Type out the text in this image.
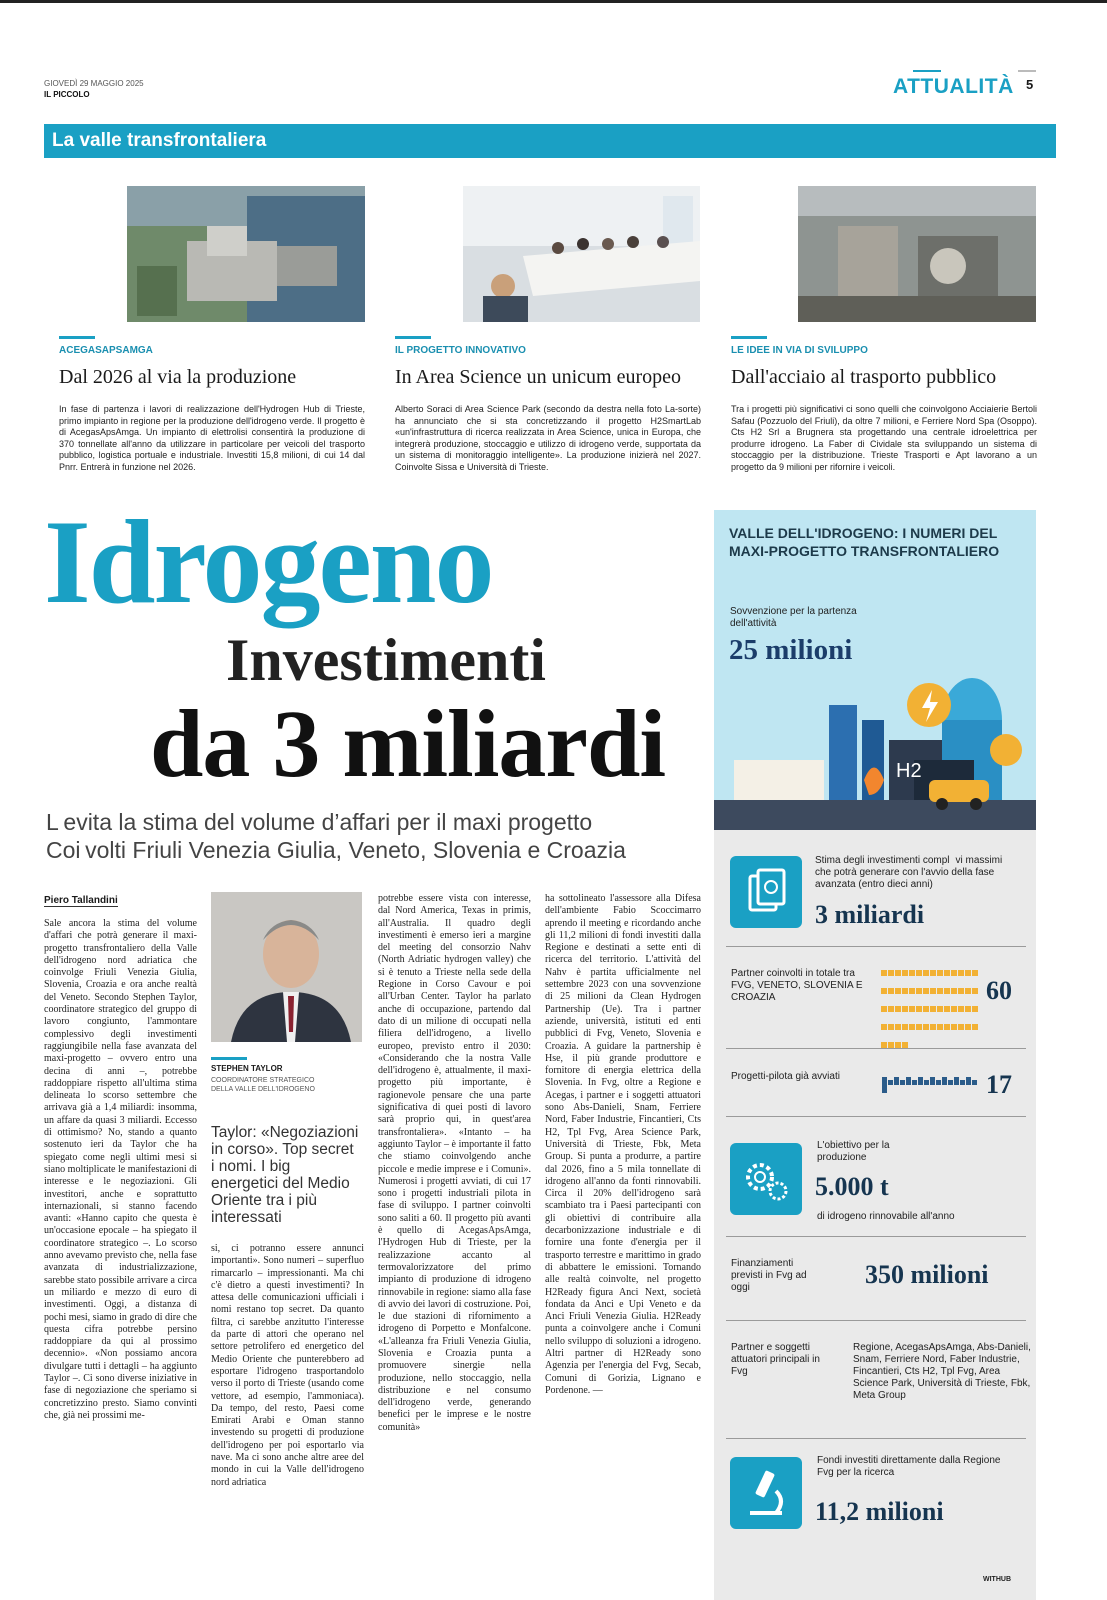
GIOVEDÌ 29 MAGGIO 2025
IL PICCOLO	ATTUALITÀ 5
La valle transfrontaliera
ACEGASAPSAMGA
Dal 2026 al via la produzione
In fase di partenza i lavori di realizzazione dell'Hydrogen Hub di Trieste, primo impianto in regione per la produzione dell'idrogeno verde. Il progetto è di AcegasApsAmga. Un impianto di elettrolisi consentirà la produzione di 370 tonnellate all'anno da utilizzare in particolare per veicoli del trasporto pubblico, logistica portuale e industriale. Investiti 15,8 milioni, di cui 14 dal Pnrr. Entrerà in funzione nel 2026.
IL PROGETTO INNOVATIVO
In Area Science un unicum europeo
Alberto Soraci di Area Science Park (secondo da destra nella foto La-sorte) ha annunciato che si sta concretizzando il progetto H2SmartLab «un'infrastruttura di ricerca realizzata in Area Science, unica in Europa, che integrerà produzione, stoccaggio e utilizzo di idrogeno verde, supportata da un sistema di monitoraggio intelligente». La produzione inizierà nel 2027. Coinvolte Sissa e Università di Trieste.
LE IDEE IN VIA DI SVILUPPO
Dall'acciaio al trasporto pubblico
Tra i progetti più significativi ci sono quelli che coinvolgono Acciaierie Bertoli Safau (Pozzuolo del Friuli), da oltre 7 milioni, e Ferriere Nord Spa (Osoppo). Cts H2 Srl a Brugnera sta progettando una centrale idroelettrica per produrre idrogeno. La Faber di Cividale sta sviluppando un sistema di stoccaggio per la distribuzione. Trieste Trasporti e Apt lavorano a un progetto da 9 milioni per rifornire i veicoli.
Idrogeno
Investimenti
da 3 miliardi
L evita la stima del volume d’affari per il maxi progetto
Coi volti Friuli Venezia Giulia, Veneto, Slovenia e Croazia
Piero Tallandini
Sale ancora la stima del volume d'affari che potrà generare il maxi-progetto transfrontaliero della Valle dell'idrogeno nord adriatica che coinvolge Friuli Venezia Giulia, Slovenia, Croazia e ora anche realtà del Veneto. Secondo Stephen Taylor, coordinatore strategico del gruppo di lavoro congiunto, l'ammontare complessivo degli investimenti raggiungibile nella fase avanzata del maxi-progetto – ovvero entro una decina di anni –, potrebbe raddoppiare rispetto all'ultima stima delineata lo scorso settembre che arrivava già a 1,4 miliardi: insomma, un affare da quasi 3 miliardi. Eccesso di ottimismo? No, stando a quanto sostenuto ieri da Taylor che ha spiegato come negli ultimi mesi si siano moltiplicate le manifestazioni di interesse e le negoziazioni. Gli investitori, anche e soprattutto internazionali, si stanno facendo avanti: «Hanno capito che questa è un'occasione epocale – ha spiegato il coordinatore strategico –. Lo scorso anno avevamo previsto che, nella fase avanzata di industrializzazione, sarebbe stato possibile arrivare a circa un miliardo e mezzo di euro di investimenti. Oggi, a distanza di pochi mesi, siamo in grado di dire che questa cifra potrebbe persino raddoppiare da qui al prossimo decennio». «Non possiamo ancora divulgare tutti i dettagli – ha aggiunto Taylor –. Ci sono diverse iniziative in fase di negoziazione che speriamo si concretizzino presto. Siamo convinti che, già nei prossimi me-
STEPHEN TAYLOR
COORDINATORE STRATEGICO DELLA VALLE DELL'IDROGENO
Taylor: «Negoziazioni in corso». Top secret i nomi. I big energetici del Medio Oriente tra i più interessati
si, ci potranno essere annunci importanti». Sono numeri – superfluo rimarcarlo – impressionanti. Ma chi c'è dietro a questi investimenti? In attesa delle comunicazioni ufficiali i nomi restano top secret. Da quanto filtra, ci sarebbe anzitutto l'interesse da parte di attori che operano nel settore petrolifero ed energetico del Medio Oriente che punterebbero ad esportare l'idrogeno trasportandolo verso il porto di Trieste (usando come vettore, ad esempio, l'ammoniaca). Da tempo, del resto, Paesi come Emirati Arabi e Oman stanno investendo su progetti di produzione dell'idrogeno per poi esportarlo via nave. Ma ci sono anche altre aree del mondo in cui la Valle dell'idrogeno nord adriatica
potrebbe essere vista con interesse, dal Nord America, Texas in primis, all'Australia. Il quadro degli investimenti è emerso ieri a margine del meeting del consorzio Nahv (North Adriatic hydrogen valley) che si è tenuto a Trieste nella sede della Regione in Corso Cavour e poi all'Urban Center. Taylor ha parlato anche di occupazione, partendo dal dato di un milione di occupati nella filiera dell'idrogeno, a livello europeo, previsto entro il 2030: «Considerando che la nostra Valle dell'idrogeno è, attualmente, il maxi-progetto più importante, è ragionevole pensare che una parte significativa di quei posti di lavoro sarà proprio qui, in quest'area transfrontaliera». «Intanto – ha aggiunto Taylor – è importante il fatto che stiamo coinvolgendo anche piccole e medie imprese e i Comuni». Numerosi i progetti avviati, di cui 17 sono i progetti industriali pilota in fase di sviluppo. I partner coinvolti sono saliti a 60. Il progetto più avanti è quello di AcegasApsAmga, l'Hydrogen Hub di Trieste, per la realizzazione accanto al termovalorizzatore del primo impianto di produzione di idrogeno rinnovabile in regione: siamo alla fase di avvio dei lavori di costruzione. Poi, le due stazioni di rifornimento a idrogeno di Porpetto e Monfalcone. «L'alleanza fra Friuli Venezia Giulia, Slovenia e Croazia punta a promuovere sinergie nella produzione, nello stoccaggio, nella distribuzione e nel consumo dell'idrogeno verde, generando benefici per le imprese e le nostre comunità»
ha sottolineato l'assessore alla Difesa dell'ambiente Fabio Scoccimarro aprendo il meeting e ricordando anche gli 11,2 milioni di fondi investiti dalla Regione e destinati a sette enti di ricerca del territorio. L'attività del Nahv è partita ufficialmente nel settembre 2023 con una sovvenzione di 25 milioni da Clean Hydrogen Partnership (Ue). Tra i partner aziende, università, istituti ed enti pubblici di Fvg, Veneto, Slovenia e Croazia. A guidare la partnership è Hse, il più grande produttore e fornitore di energia elettrica della Slovenia. In Fvg, oltre a Regione e Acegas, i partner e i soggetti attuatori sono Abs-Danieli, Snam, Ferriere Nord, Faber Industrie, Fincantieri, Cts H2, Tpl Fvg, Area Science Park, Università di Trieste, Fbk, Meta Group. Si punta a produrre, a partire dal 2026, fino a 5 mila tonnellate di idrogeno all'anno da fonti rinnovabili. Circa il 20% dell'idrogeno sarà scambiato tra i Paesi partecipanti con gli obiettivi di contribuire alla decarbonizzazione industriale e di fornire una fonte d'energia per il trasporto terrestre e marittimo in grado di abbattere le emissioni. Tornando alle realtà coinvolte, nel progetto H2Ready figura Anci Next, società fondata da Anci e Upi Veneto e da Anci Friuli Venezia Giulia. H2Ready punta a coinvolgere anche i Comuni nello sviluppo di soluzioni a idrogeno. Altri partner di H2Ready sono Agenzia per l'energia del Fvg, Secab, Comuni di Gorizia, Lignano e Pordenone. —
VALLE DELL'IDROGENO: I NUMERI DEL MAXI-PROGETTO TRANSFRONTALIERO
Sovvenzione per la partenza dell'attività
25 milioni
H2
Stima degli investimenti compl   vi massimi che potrà generare con l'avvio della fase avanzata (entro dieci anni)
3 miliardi
Partner coinvolti in totale tra FVG, VENETO, SLOVENIA E CROAZIA	60
Progetti-pilota già avviati	17
L'obiettivo per la produzione
5.000 t
di idrogeno rinnovabile all'anno
Finanziamenti previsti in Fvg ad oggi	350 milioni
Partner e soggetti attuatori principali in Fvg
Regione, AcegasApsAmga, Abs-Danieli, Snam, Ferriere Nord, Faber Industrie, Fincantieri, Cts H2, Tpl Fvg, Area Science Park, Università di Trieste, Fbk, Meta Group
Fondi investiti direttamente dalla Regione Fvg per la ricerca
11,2 milioni
WITHUB
